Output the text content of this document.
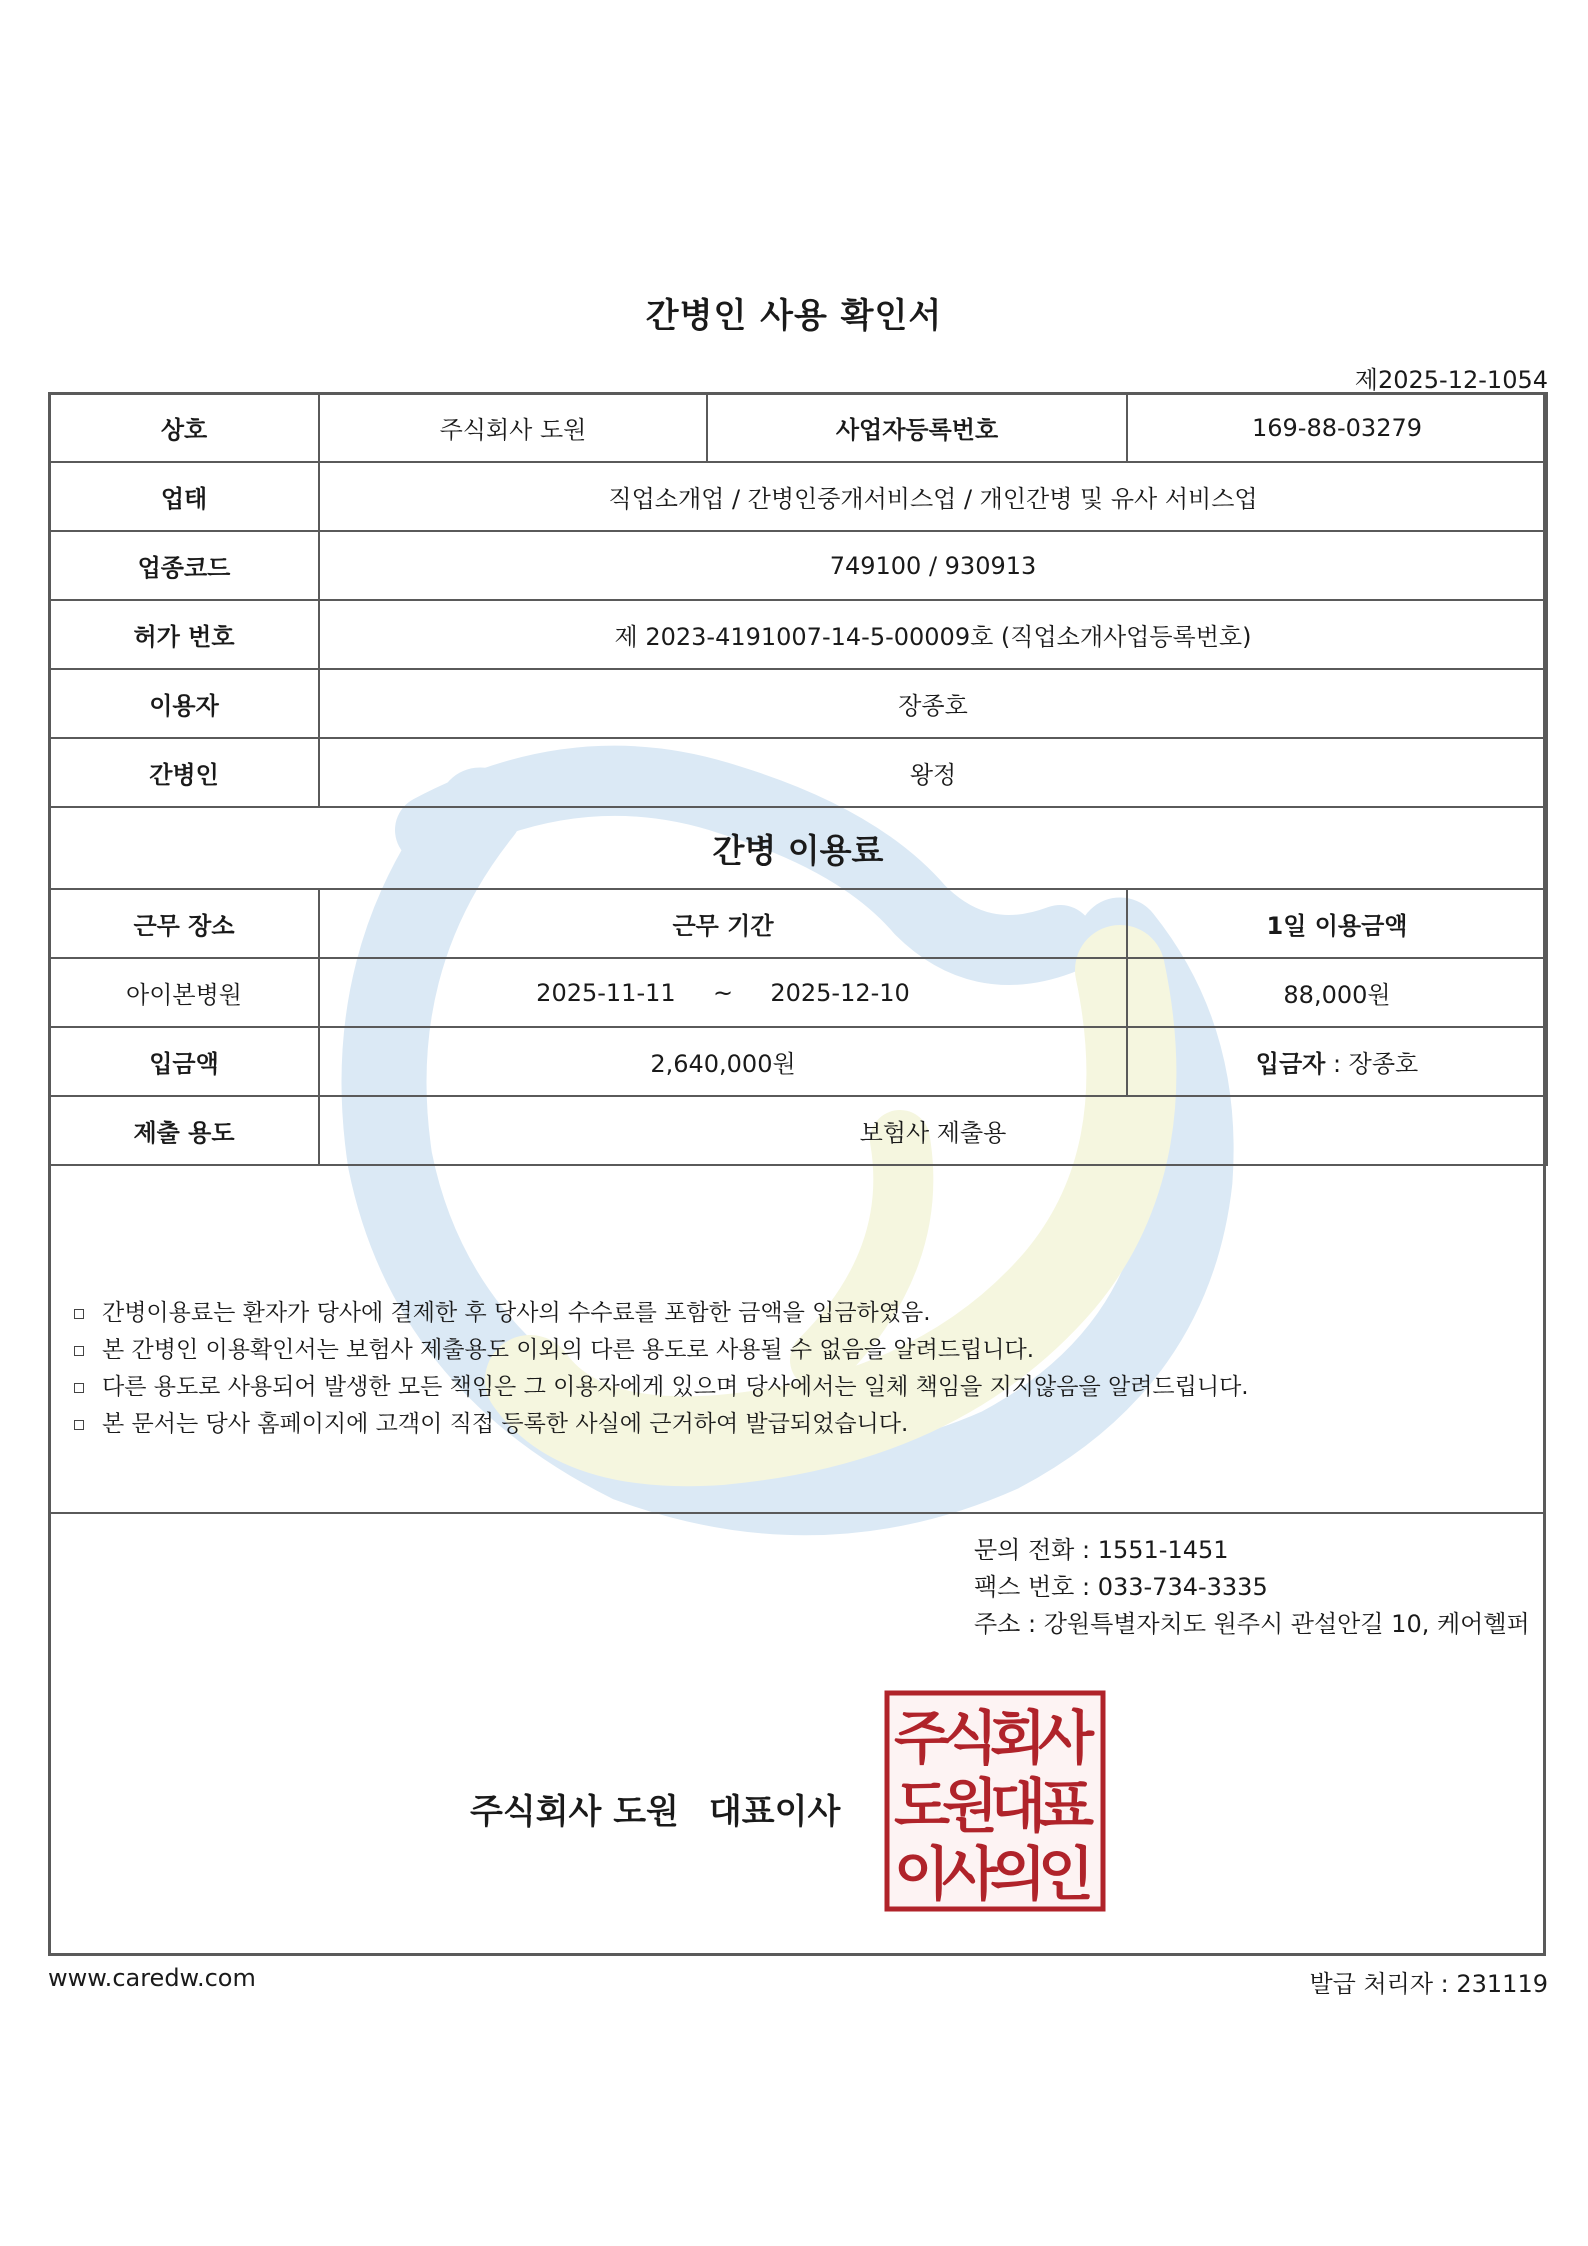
간병인 사용 확인서
제2025-12-1054
상호	주식회사 도원	사업자등록번호	169-88-03279
업태	직업소개업 / 간병인중개서비스업 / 개인간병 및 유사 서비스업		
업종코드	749100 / 930913		
허가 번호	제 2023-4191007-14-5-00009호 (직업소개사업등록번호)		
이용자	장종호		
간병인	왕정		
간병 이용료			
근무 장소	근무 기간		1일 이용금액
아이본병원	2025-11-11 ~ 2025-12-10		88,000원
입금액	2,640,000원		입금자 : 장종호
제출 용도	보험사 제출용		
간병이용료는 환자가 당사에 결제한 후 당사의 수수료를 포함한 금액을 입금하였음.
본 간병인 이용확인서는 보험사 제출용도 이외의 다른 용도로 사용될 수 없음을 알려드립니다.
다른 용도로 사용되어 발생한 모든 책임은 그 이용자에게 있으며 당사에서는 일체 책임을 지지않음을 알려드립니다.
본 문서는 당사 홈페이지에 고객이 직접 등록한 사실에 근거하여 발급되었습니다.
문의 전화 : 1551-1451
팩스 번호 : 033-734-3335
주소 : 강원특별자치도 원주시 관설안길 10, 케어헬퍼
주식회사 도원 대표이사
주
식
회
사
도
원
대
표
이
사
의
인
www.caredw.com	발급 처리자 : 231119
